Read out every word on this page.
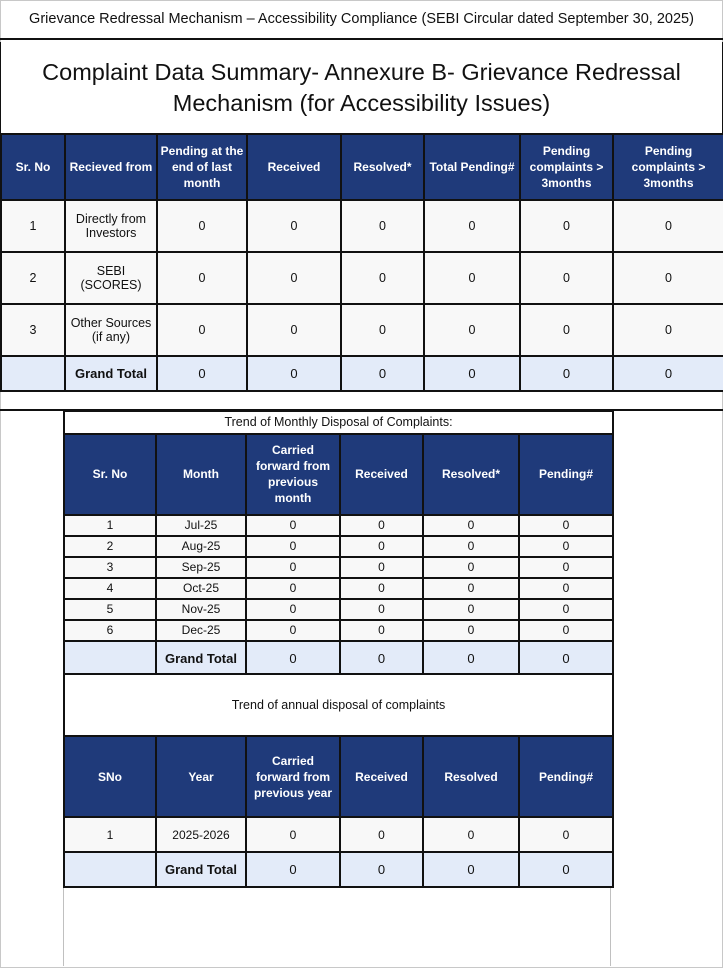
Grievance Redressal Mechanism – Accessibility Compliance (SEBI Circular dated September 30, 2025)
Complaint Data Summary- Annexure B- Grievance Redressal Mechanism (for Accessibility Issues)
Sr. No	Recieved from	Pending at the end of last month	Received	Resolved*	Total Pending#	Pending complaints > 3months	Pending complaints > 3months
1	Directly from Investors	0	0	0	0	0	0
2	SEBI (SCORES)	0	0	0	0	0	0
3	Other Sources (if any)	0	0	0	0	0	0
	Grand Total	0	0	0	0	0	0
Trend of Monthly Disposal of Complaints:					
Sr. No	Month	Carried forward from previous month	Received	Resolved*	Pending#
1	Jul-25	0	0	0	0
2	Aug-25	0	0	0	0
3	Sep-25	0	0	0	0
4	Oct-25	0	0	0	0
5	Nov-25	0	0	0	0
6	Dec-25	0	0	0	0
	Grand Total	0	0	0	0
Trend of annual disposal of complaints					
SNo	Year	Carried forward from previous year	Received	Resolved	Pending#
1	2025-2026	0	0	0	0
	Grand Total	0	0	0	0
